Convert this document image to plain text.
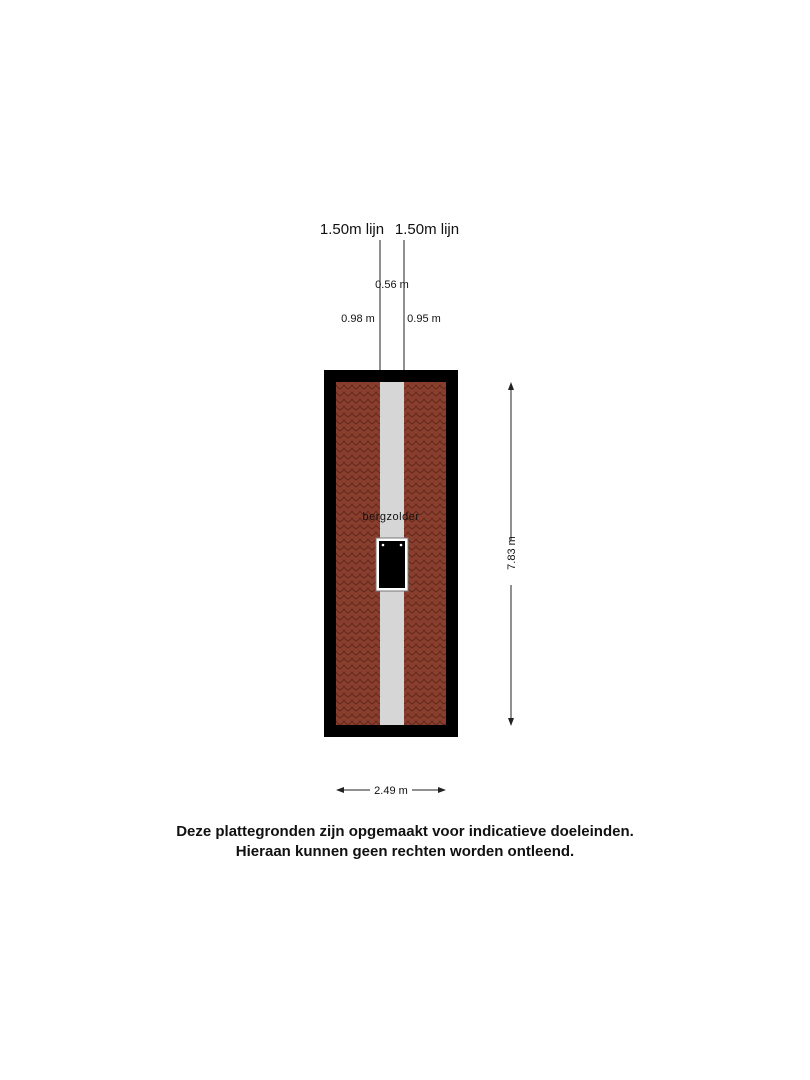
1.50m lijn 1.50m lijn
0.56 m
0.98 m	0.95 m
bergzolder
7.83 m
2.49 m
Deze plattegronden zijn opgemaakt voor indicatieve doeleinden.
Hieraan kunnen geen rechten worden ontleend.
